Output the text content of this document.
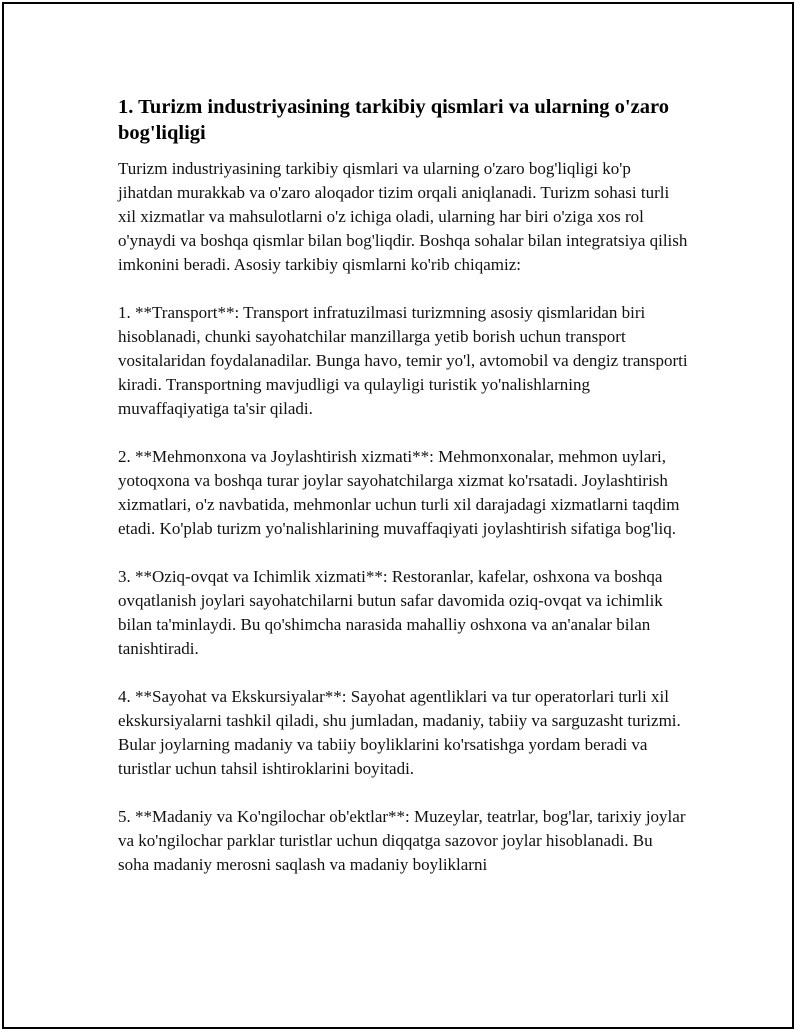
1. Turizm industriyasining tarkibiy qismlari va ularning o'zaro bog'liqligi

Turizm industriyasining tarkibiy qismlari va ularning o'zaro bog'liqligi ko'p jihatdan murakkab va o'zaro aloqador tizim orqali aniqlanadi. Turizm sohasi turli xil xizmatlar va mahsulotlarni o'z ichiga oladi, ularning har biri o'ziga xos rol o'ynaydi va boshqa qismlar bilan bog'liqdir. Boshqa sohalar bilan integratsiya qilish imkonini beradi. Asosiy tarkibiy qismlarni ko'rib chiqamiz:

1. **Transport**: Transport infratuzilmasi turizmning asosiy qismlaridan biri hisoblanadi, chunki sayohatchilar manzillarga yetib borish uchun transport vositalaridan foydalanadilar. Bunga havo, temir yo'l, avtomobil va dengiz transporti kiradi. Transportning mavjudligi va qulayligi turistik yo'nalishlarning muvaffaqiyatiga ta'sir qiladi.

2. **Mehmonxona va Joylashtirish xizmati**: Mehmonxonalar, mehmon uylari, yotoqxona va boshqa turar joylar sayohatchilarga xizmat ko'rsatadi. Joylashtirish xizmatlari, o'z navbatida, mehmonlar uchun turli xil darajadagi xizmatlarni taqdim etadi. Ko'plab turizm yo'nalishlarining muvaffaqiyati joylashtirish sifatiga bog'liq.

3. **Oziq-ovqat va Ichimlik xizmati**: Restoranlar, kafelar, oshxona va boshqa ovqatlanish joylari sayohatchilarni butun safar davomida oziq-ovqat va ichimlik bilan ta'minlaydi. Bu qo'shimcha narasida mahalliy oshxona va an'analar bilan tanishtiradi.

4. **Sayohat va Ekskursiyalar**: Sayohat agentliklari va tur operatorlari turli xil ekskursiyalarni tashkil qiladi, shu jumladan, madaniy, tabiiy va sarguzasht turizmi. Bular joylarning madaniy va tabiiy boyliklarini ko'rsatishga yordam beradi va turistlar uchun tahsil ishtiroklarini boyitadi.

5. **Madaniy va Ko'ngilochar ob'ektlar**: Muzeylar, teatrlar, bog'lar, tarixiy joylar va ko'ngilochar parklar turistlar uchun diqqatga sazovor joylar hisoblanadi. Bu soha madaniy merosni saqlash va madaniy boyliklarni
